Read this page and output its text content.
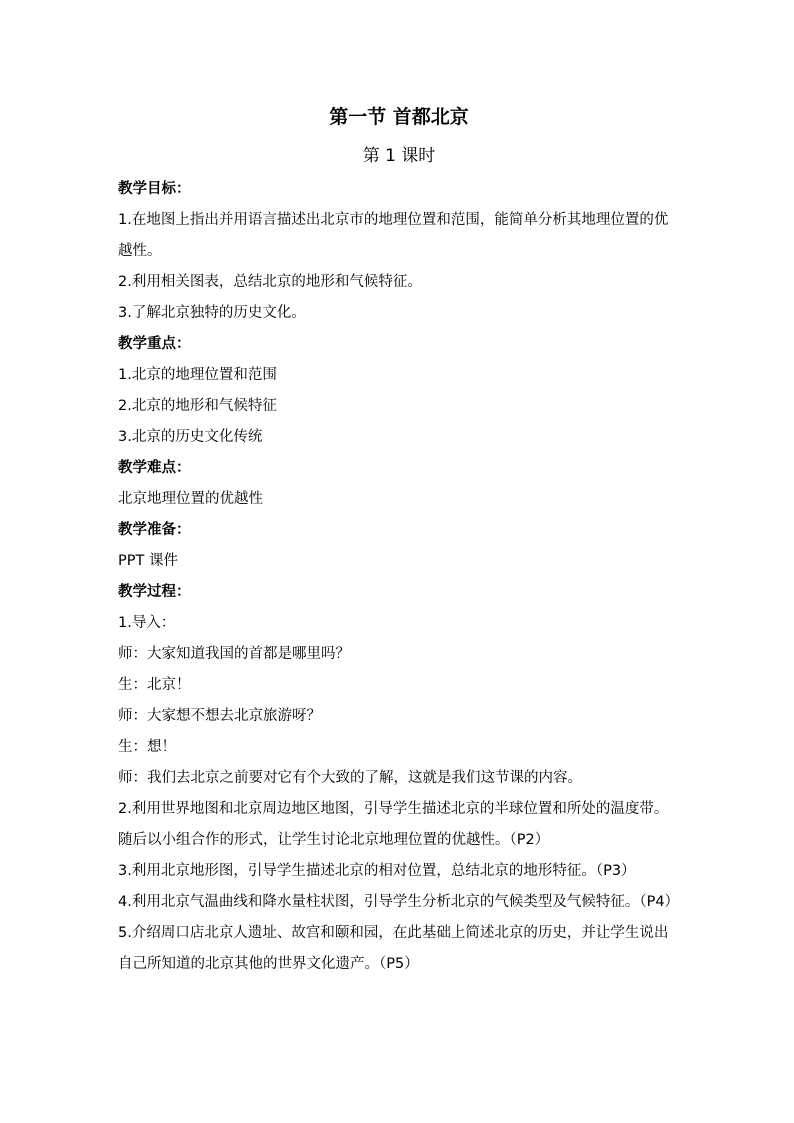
第一节 首都北京
第 1 课时

教学目标：

1.在地图上指出并用语言描述出北京市的地理位置和范围，能简单分析其地理位置的优越性。

2.利用相关图表，总结北京的地形和气候特征。

3.了解北京独特的历史文化。

教学重点：

1.北京的地理位置和范围

2.北京的地形和气候特征

3.北京的历史文化传统

教学难点：

北京地理位置的优越性

教学准备：

PPT 课件

教学过程：

1.导入：

师：大家知道我国的首都是哪里吗？

生：北京！

师：大家想不想去北京旅游呀？

生：想！

师：我们去北京之前要对它有个大致的了解，这就是我们这节课的内容。

2.利用世界地图和北京周边地区地图，引导学生描述北京的半球位置和所处的温度带。随后以小组合作的形式，让学生讨论北京地理位置的优越性。（P2）

3.利用北京地形图，引导学生描述北京的相对位置，总结北京的地形特征。（P3）

4.利用北京气温曲线和降水量柱状图，引导学生分析北京的气候类型及气候特征。（P4）

5.介绍周口店北京人遗址、故宫和颐和园，在此基础上简述北京的历史，并让学生说出自己所知道的北京其他的世界文化遗产。（P5）
